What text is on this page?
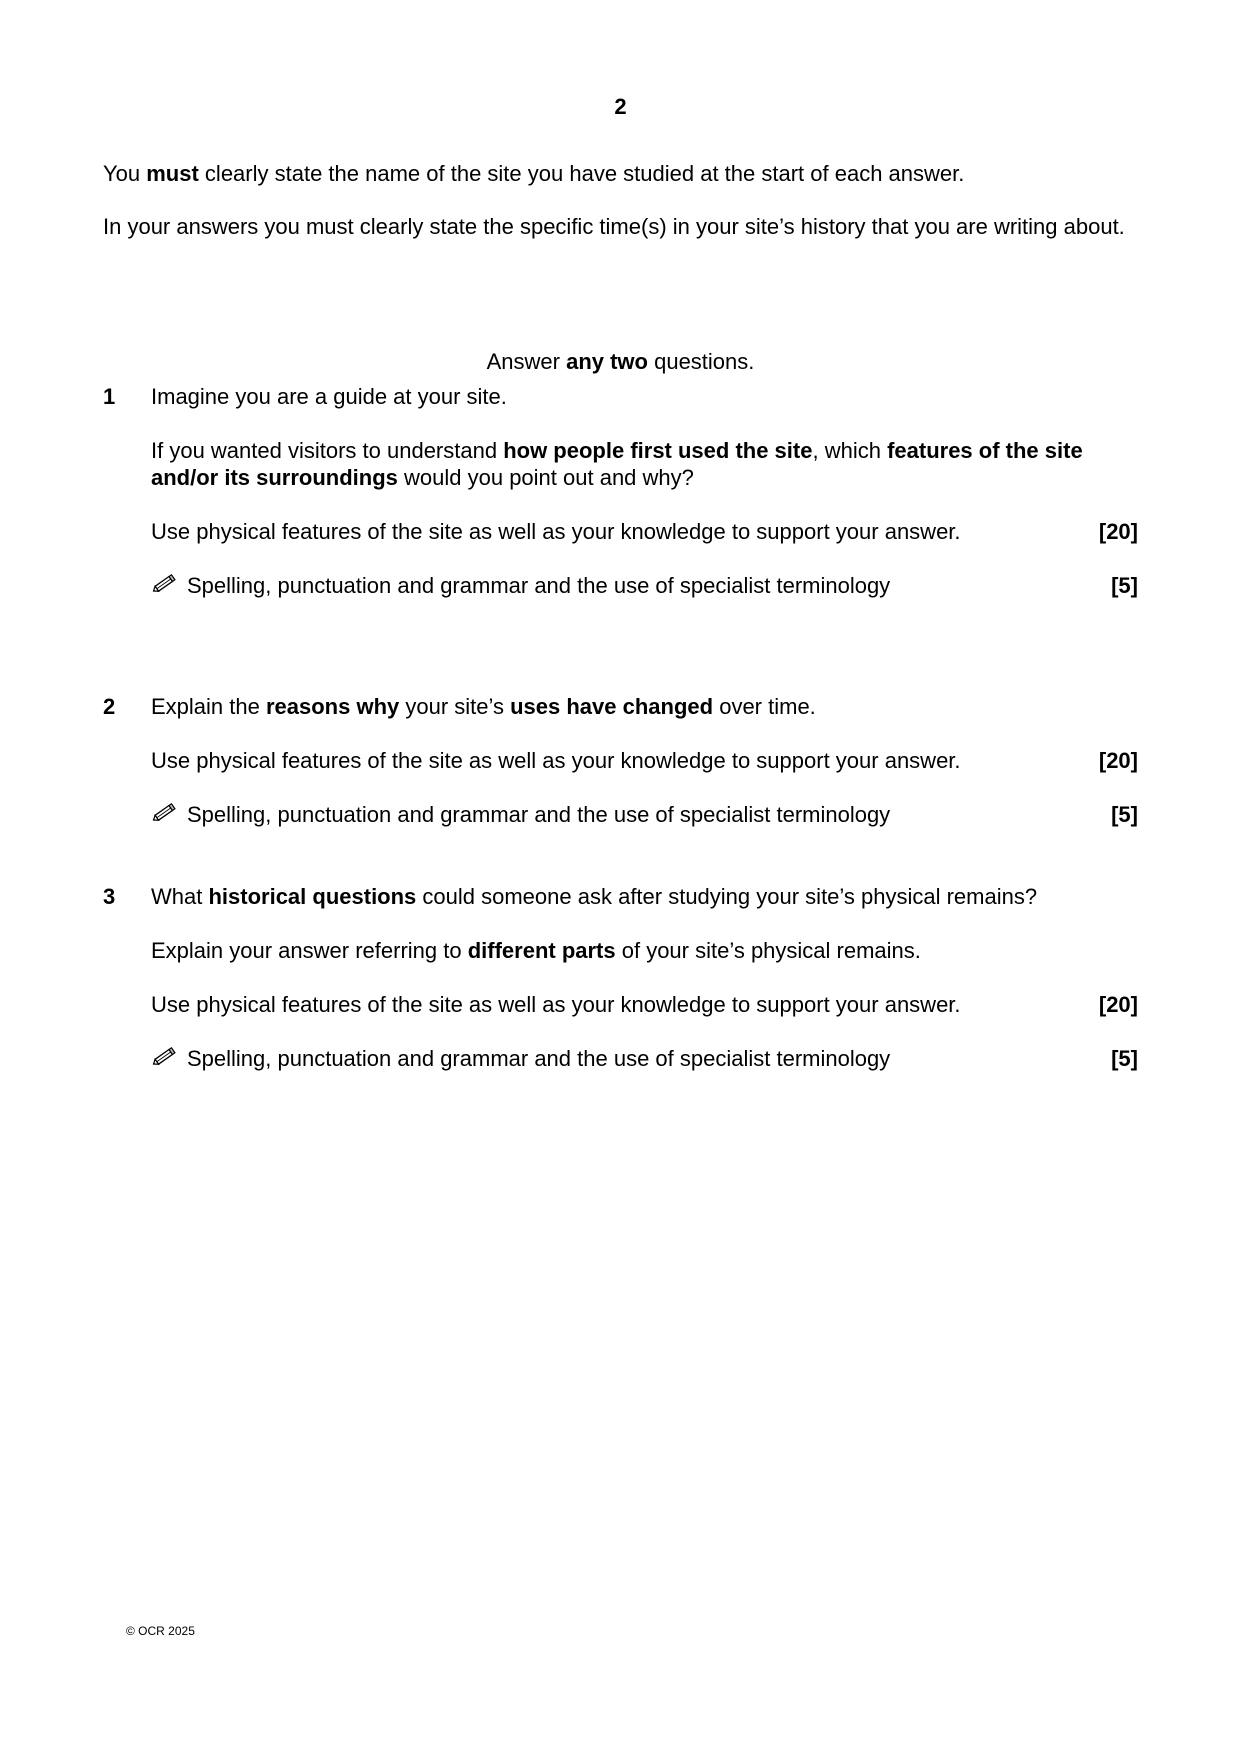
2

You must clearly state the name of the site you have studied at the start of each answer.

In your answers you must clearly state the specific time(s) in your site’s history that you are writing about.

Answer any two questions.
1 Imagine you are a guide at your site.
If you wanted visitors to understand how people first used the site, which features of the site and/or its surroundings would you point out and why?
Use physical features of the site as well as your knowledge to support your answer.	[20]
Spelling, punctuation and grammar and the use of specialist terminology	[5]
2 Explain the reasons why your site’s uses have changed over time.
Use physical features of the site as well as your knowledge to support your answer.	[20]
Spelling, punctuation and grammar and the use of specialist terminology	[5]
3 What historical questions could someone ask after studying your site’s physical remains?
Explain your answer referring to different parts of your site’s physical remains.
Use physical features of the site as well as your knowledge to support your answer.	[20]
Spelling, punctuation and grammar and the use of specialist terminology	[5]
© OCR 2025
